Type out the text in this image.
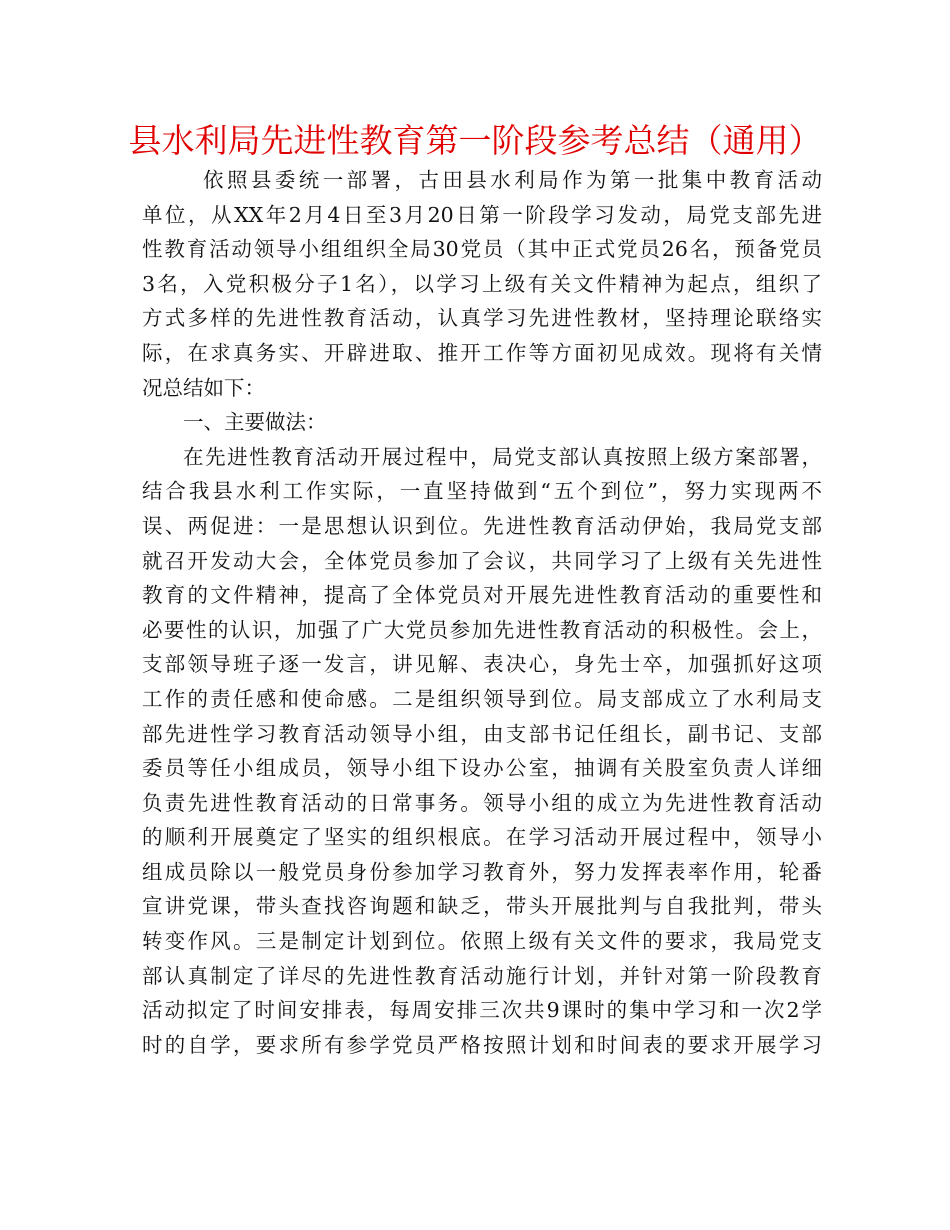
县水利局先进性教育第一阶段参考总结（通用）
依照县委统一部署，古田县水利局作为第一批集中教育活动
单位，从XX年2月4日至3月20日第一阶段学习发动，局党支部先进
性教育活动领导小组组织全局30党员（其中正式党员26名，预备党员
3名，入党积极分子1名），以学习上级有关文件精神为起点，组织了
方式多样的先进性教育活动，认真学习先进性教材，坚持理论联络实
际，在求真务实、开辟进取、推开工作等方面初见成效。现将有关情
况总结如下：
一、主要做法：
在先进性教育活动开展过程中，局党支部认真按照上级方案部署，
结合我县水利工作实际，一直坚持做到“五个到位”，努力实现两不
误、两促进：一是思想认识到位。先进性教育活动伊始，我局党支部
就召开发动大会，全体党员参加了会议，共同学习了上级有关先进性
教育的文件精神，提高了全体党员对开展先进性教育活动的重要性和
必要性的认识，加强了广大党员参加先进性教育活动的积极性。会上，
支部领导班子逐一发言，讲见解、表决心，身先士卒，加强抓好这项
工作的责任感和使命感。二是组织领导到位。局支部成立了水利局支
部先进性学习教育活动领导小组，由支部书记任组长，副书记、支部
委员等任小组成员，领导小组下设办公室，抽调有关股室负责人详细
负责先进性教育活动的日常事务。领导小组的成立为先进性教育活动
的顺利开展奠定了坚实的组织根底。在学习活动开展过程中，领导小
组成员除以一般党员身份参加学习教育外，努力发挥表率作用，轮番
宣讲党课，带头查找咨询题和缺乏，带头开展批判与自我批判，带头
转变作风。三是制定计划到位。依照上级有关文件的要求，我局党支
部认真制定了详尽的先进性教育活动施行计划，并针对第一阶段教育
活动拟定了时间安排表，每周安排三次共9课时的集中学习和一次2学
时的自学，要求所有参学党员严格按照计划和时间表的要求开展学习
